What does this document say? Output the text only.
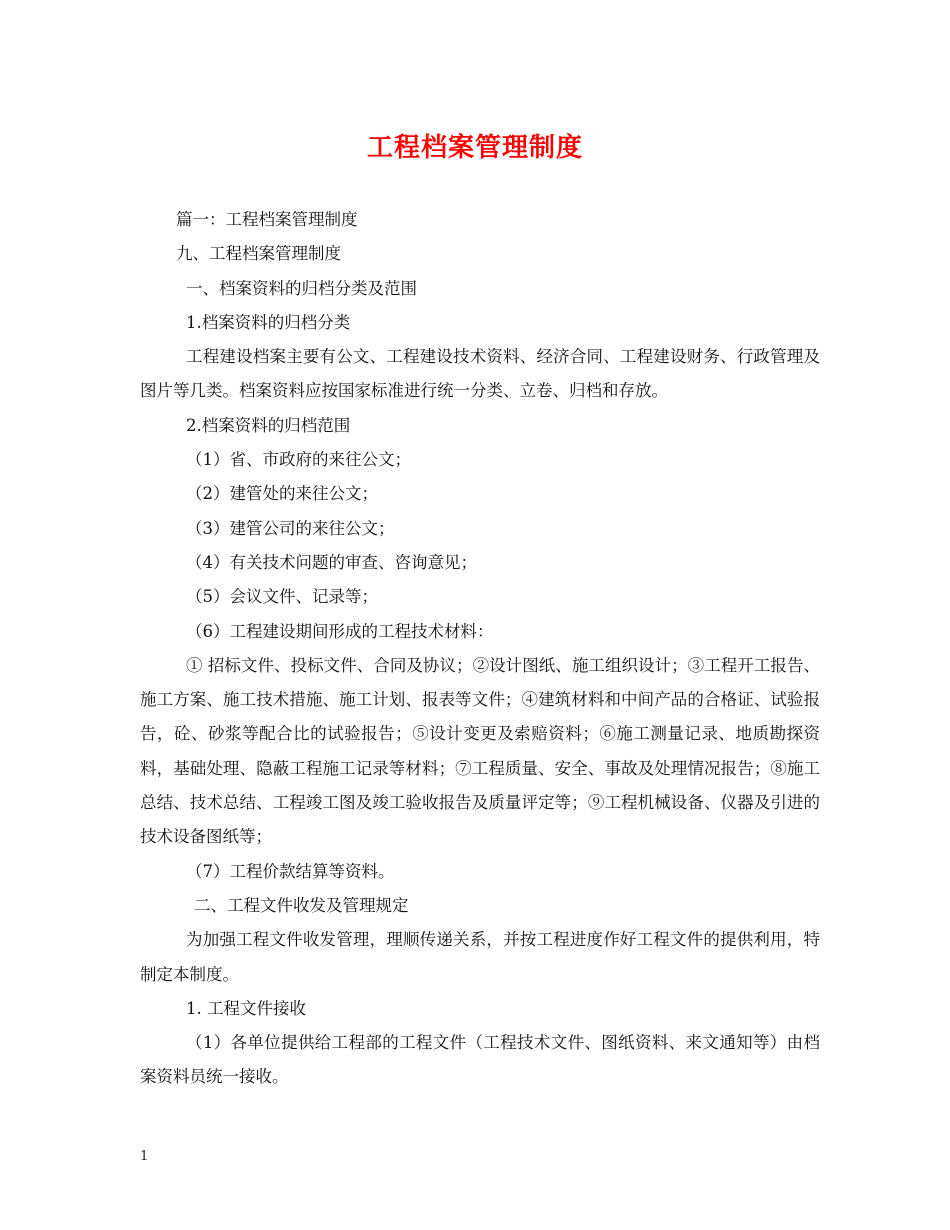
工程档案管理制度

篇一：工程档案管理制度

九、工程档案管理制度

一、档案资料的归档分类及范围

1.档案资料的归档分类

工程建设档案主要有公文、工程建设技术资料、经济合同、工程建设财务、行政管理及图片等几类。档案资料应按国家标准进行统一分类、立卷、归档和存放。

2.档案资料的归档范围

（1）省、市政府的来往公文；

（2）建管处的来往公文；

（3）建管公司的来往公文；

（4）有关技术问题的审查、咨询意见；

（5）会议文件、记录等；

（6）工程建设期间形成的工程技术材料：

① 招标文件、投标文件、合同及协议；②设计图纸、施工组织设计；③工程开工报告、施工方案、施工技术措施、施工计划、报表等文件；④建筑材料和中间产品的合格证、试验报告，砼、砂浆等配合比的试验报告；⑤设计变更及索赔资料；⑥施工测量记录、地质勘探资料，基础处理、隐蔽工程施工记录等材料；⑦工程质量、安全、事故及处理情况报告；⑧施工总结、技术总结、工程竣工图及竣工验收报告及质量评定等；⑨工程机械设备、仪器及引进的技术设备图纸等；

（7）工程价款结算等资料。

二、工程文件收发及管理规定

为加强工程文件收发管理，理顺传递关系，并按工程进度作好工程文件的提供利用，特制定本制度。

1. 工程文件接收

（1）各单位提供给工程部的工程文件（工程技术文件、图纸资料、来文通知等）由档案资料员统一接收。

1
